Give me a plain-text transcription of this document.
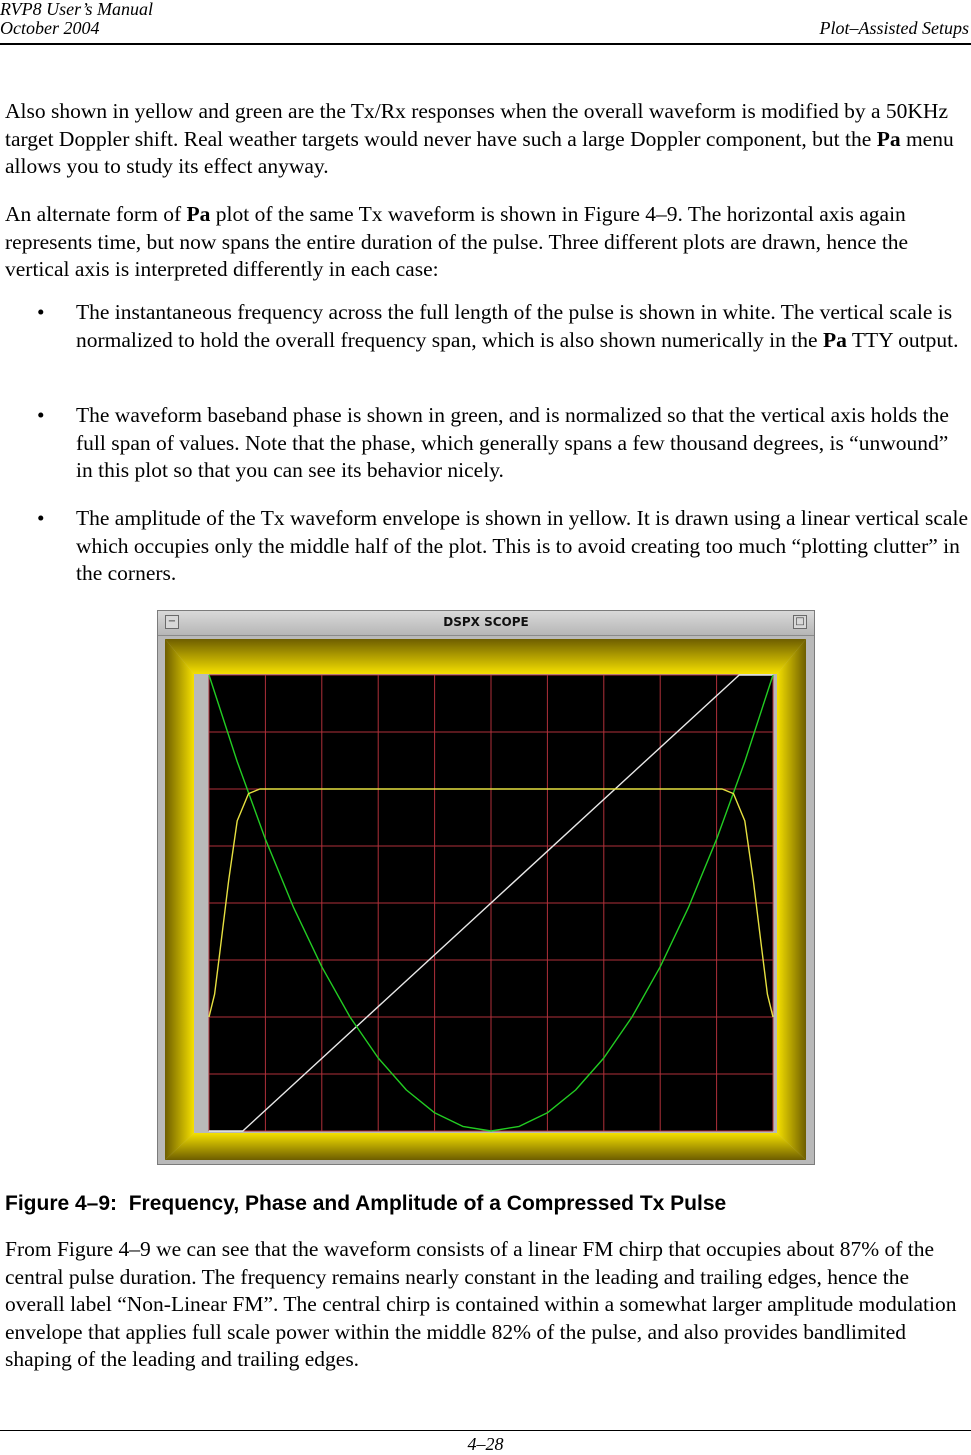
RVP8 User’s Manual
October 2004	Plot–Assisted Setups
Also shown in yellow and green are the Tx/Rx responses when the overall waveform is modified by a 50KHz target Doppler shift. Real weather targets would never have such a large Doppler component, but the Pa menu allows you to study its effect anyway.
An alternate form of Pa plot of the same Tx waveform is shown in Figure 4–9. The horizontal axis again represents time, but now spans the entire duration of the pulse. Three different plots are drawn, hence the vertical axis is interpreted differently in each case:
• The instantaneous frequency across the full length of the pulse is shown in white. The vertical scale is normalized to hold the overall frequency span, which is also shown numerically in the Pa TTY output.
• The waveform baseband phase is shown in green, and is normalized so that the vertical axis holds the full span of values. Note that the phase, which generally spans a few thousand degrees, is “unwound” in this plot so that you can see its behavior nicely.
• The amplitude of the Tx waveform envelope is shown in yellow. It is drawn using a linear vertical scale which occupies only the middle half of the plot. This is to avoid creating too much “plotting clutter” in the corners.
−	DSPX SCOPE	□
Figure 4–9:  Frequency, Phase and Amplitude of a Compressed Tx Pulse
From Figure 4–9 we can see that the waveform consists of a linear FM chirp that occupies about 87% of the central pulse duration. The frequency remains nearly constant in the leading and trailing edges, hence the overall label “Non-Linear FM”. The central chirp is contained within a somewhat larger amplitude modulation envelope that applies full scale power within the middle 82% of the pulse, and also provides bandlimited shaping of the leading and trailing edges.
4–28
